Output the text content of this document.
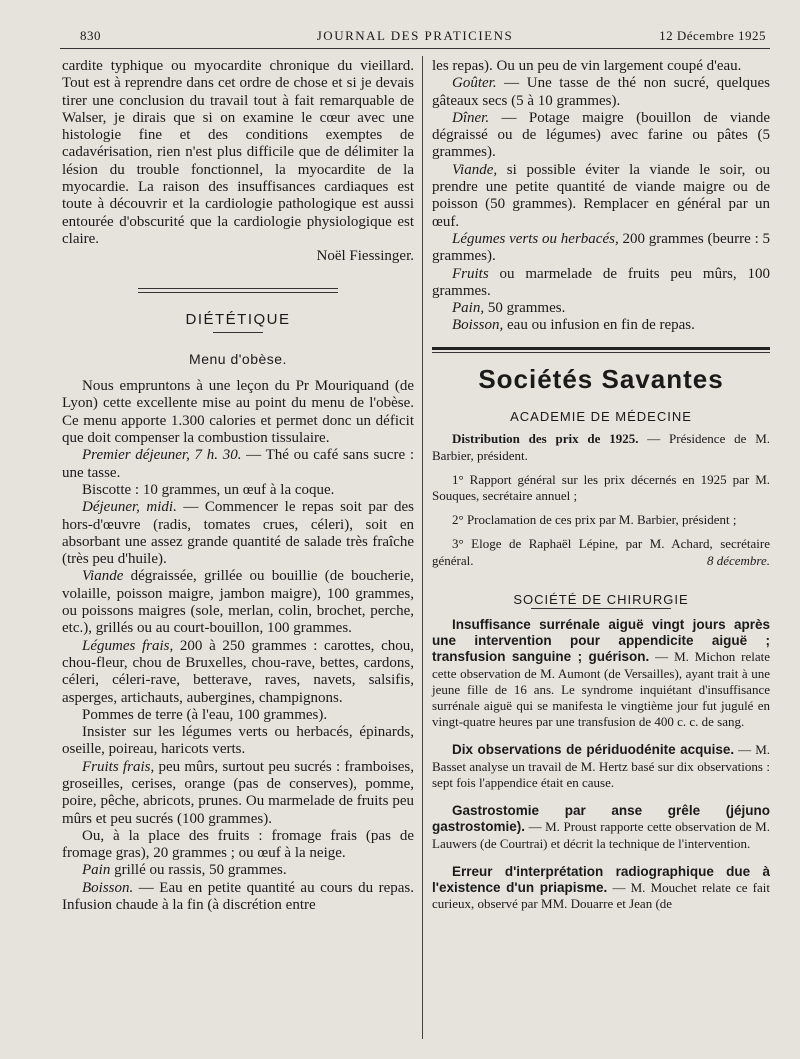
830	JOURNAL DES PRATICIENS	12 Décembre 1925

cardite typhique ou myocardite chronique du vieillard. Tout est à reprendre dans cet ordre de chose et si je devais tirer une conclusion du travail tout à fait remarquable de Walser, je dirais que si on examine le cœur avec une histologie fine et des conditions exemptes de cadavérisation, rien n'est plus difficile que de délimiter la lésion du trouble fonctionnel, la myocardite de la myocardie. La raison des insuffisances cardiaques est toute à découvrir et la cardiologie pathologique est aussi entourée d'obscurité que la cardiologie physiologique est claire.

Noël Fiessinger.

DIÉTÉTIQUE
Menu d'obèse.

Nous empruntons à une leçon du Pr Mouriquand (de Lyon) cette excellente mise au point du menu de l'obèse. Ce menu apporte 1.300 calories et permet donc un déficit que doit compenser la combustion tissulaire.

Premier déjeuner, 7 h. 30. — Thé ou café sans sucre : une tasse.

Biscotte : 10 grammes, un œuf à la coque.

Déjeuner, midi. — Commencer le repas soit par des hors-d'œuvre (radis, tomates crues, céleri), soit en absorbant une assez grande quantité de salade très fraîche (très peu d'huile).

Viande dégraissée, grillée ou bouillie (de boucherie, volaille, poisson maigre, jambon maigre), 100 grammes, ou poissons maigres (sole, merlan, colin, brochet, perche, etc.), grillés ou au court-bouillon, 100 grammes.

Légumes frais, 200 à 250 grammes : carottes, chou, chou-fleur, chou de Bruxelles, chou-rave, bettes, cardons, céleri, céleri-rave, betterave, raves, navets, salsifis, asperges, artichauts, aubergines, champignons.

Pommes de terre (à l'eau, 100 grammes).

Insister sur les légumes verts ou herbacés, épinards, oseille, poireau, haricots verts.

Fruits frais, peu mûrs, surtout peu sucrés : framboises, groseilles, cerises, orange (pas de conserves), pomme, poire, pêche, abricots, prunes. Ou marmelade de fruits peu mûrs et peu sucrés (100 grammes).

Ou, à la place des fruits : fromage frais (pas de fromage gras), 20 grammes ; ou œuf à la neige.

Pain grillé ou rassis, 50 grammes.

Boisson. — Eau en petite quantité au cours du repas. Infusion chaude à la fin (à discrétion entre

les repas). Ou un peu de vin largement coupé d'eau.

Goûter. — Une tasse de thé non sucré, quelques gâteaux secs (5 à 10 grammes).

Dîner. — Potage maigre (bouillon de viande dégraissé ou de légumes) avec farine ou pâtes (5 grammes).

Viande, si possible éviter la viande le soir, ou prendre une petite quantité de viande maigre ou de poisson (50 grammes). Remplacer en général par un œuf.

Légumes verts ou herbacés, 200 grammes (beurre : 5 grammes).

Fruits ou marmelade de fruits peu mûrs, 100 grammes.

Pain, 50 grammes.

Boisson, eau ou infusion en fin de repas.

Sociétés Savantes
ACADEMIE DE MÉDECINE

Distribution des prix de 1925. — Présidence de M. Barbier, président.

1° Rapport général sur les prix décernés en 1925 par M. Souques, secrétaire annuel ;

2° Proclamation de ces prix par M. Barbier, président ;

3° Eloge de Raphaël Lépine, par M. Achard, secrétaire général.	8 décembre.

SOCIÉTÉ DE CHIRURGIE

Insuffisance surrénale aiguë vingt jours après une intervention pour appendicite aiguë ; transfusion sanguine ; guérison. — M. Michon relate cette observation de M. Aumont (de Versailles), ayant trait à une jeune fille de 16 ans. Le syndrome inquiétant d'insuffisance surrénale aiguë qui se manifesta le vingtième jour fut jugulé en vingt-quatre heures par une transfusion de 400 c. c. de sang.

Dix observations de périduodénite acquise. — M. Basset analyse un travail de M. Hertz basé sur dix observations : sept fois l'appendice était en cause.

Gastrostomie par anse grêle (jéjuno gastrostomie). — M. Proust rapporte cette observation de M. Lauwers (de Courtrai) et décrit la technique de l'intervention.

Erreur d'interprétation radiographique due à l'existence d'un priapisme. — M. Mouchet relate ce fait curieux, observé par MM. Douarre et Jean (de
